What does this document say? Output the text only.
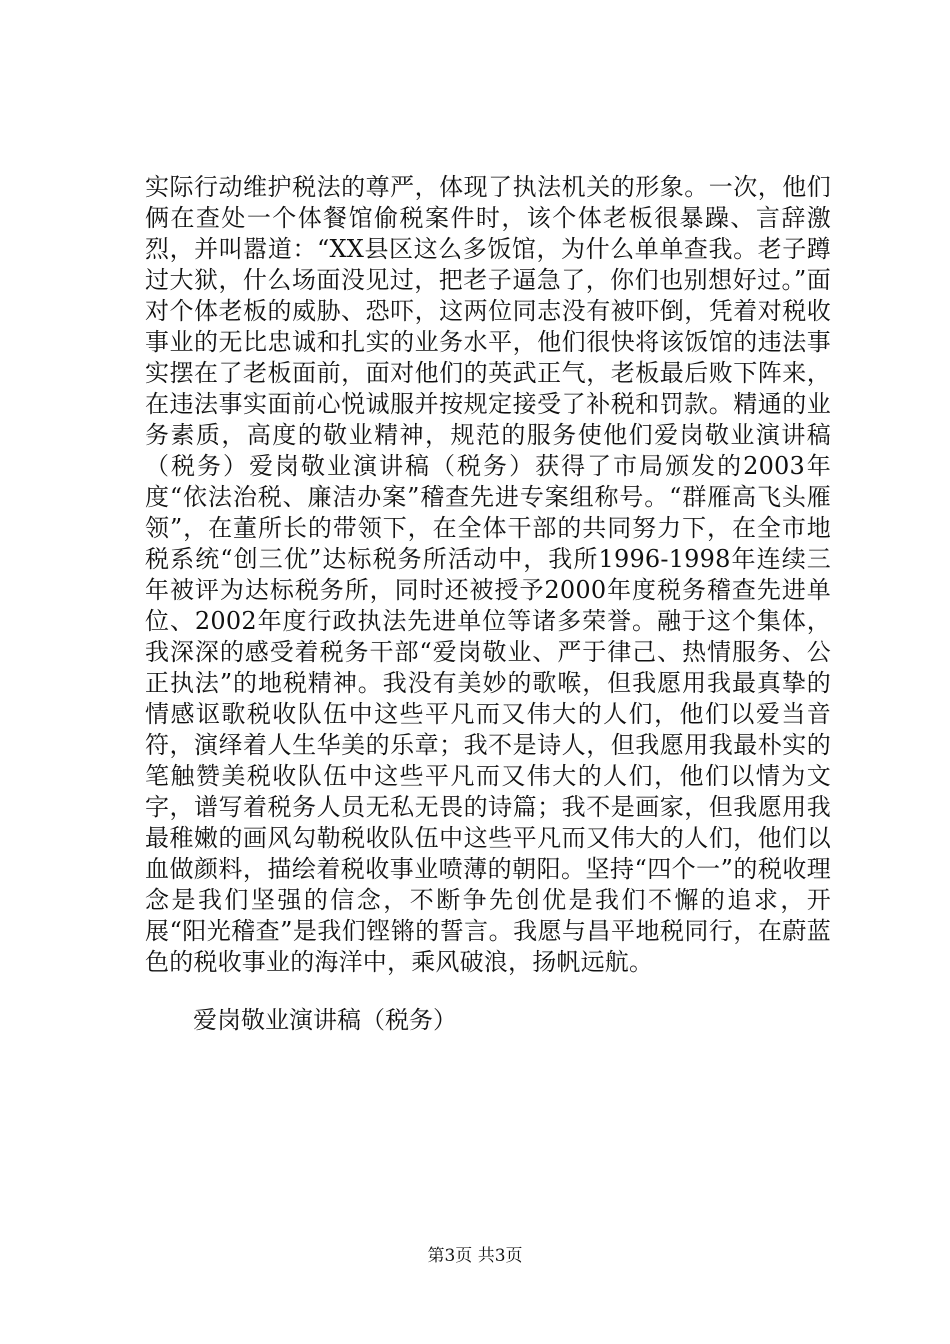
实际行动维护税法的尊严，体现了执法机关的形象。一次，他们俩在查处一个体餐馆偷税案件时，该个体老板很暴躁、言辞激烈，并叫嚣道：“XX县区这么多饭馆，为什么单单查我。老子蹲过大狱，什么场面没见过，把老子逼急了，你们也别想好过。”面对个体老板的威胁、恐吓，这两位同志没有被吓倒，凭着对税收事业的无比忠诚和扎实的业务水平，他们很快将该饭馆的违法事实摆在了老板面前，面对他们的英武正气，老板最后败下阵来，在违法事实面前心悦诚服并按规定接受了补税和罚款。精通的业务素质，高度的敬业精神，规范的服务使他们爱岗敬业演讲稿（税务）爱岗敬业演讲稿（税务）获得了市局颁发的2003年度“依法治税、廉洁办案”稽查先进专案组称号。“群雁高飞头雁领”，在董所长的带领下，在全体干部的共同努力下，在全市地税系统“创三优”达标税务所活动中，我所1996-1998年连续三年被评为达标税务所，同时还被授予2000年度税务稽查先进单位、2002年度行政执法先进单位等诸多荣誉。融于这个集体，我深深的感受着税务干部“爱岗敬业、严于律己、热情服务、公正执法”的地税精神。我没有美妙的歌喉，但我愿用我最真挚的情感讴歌税收队伍中这些平凡而又伟大的人们，他们以爱当音符，演绎着人生华美的乐章；我不是诗人，但我愿用我最朴实的笔触赞美税收队伍中这些平凡而又伟大的人们，他们以情为文字，谱写着税务人员无私无畏的诗篇；我不是画家，但我愿用我最稚嫩的画风勾勒税收队伍中这些平凡而又伟大的人们，他们以血做颜料，描绘着税收事业喷薄的朝阳。坚持“四个一”的税收理念是我们坚强的信念，不断争先创优是我们不懈的追求，开展“阳光稽查”是我们铿锵的誓言。我愿与昌平地税同行，在蔚蓝色的税收事业的海洋中，乘风破浪，扬帆远航。

爱岗敬业演讲稿（税务）

第3页 共3页
